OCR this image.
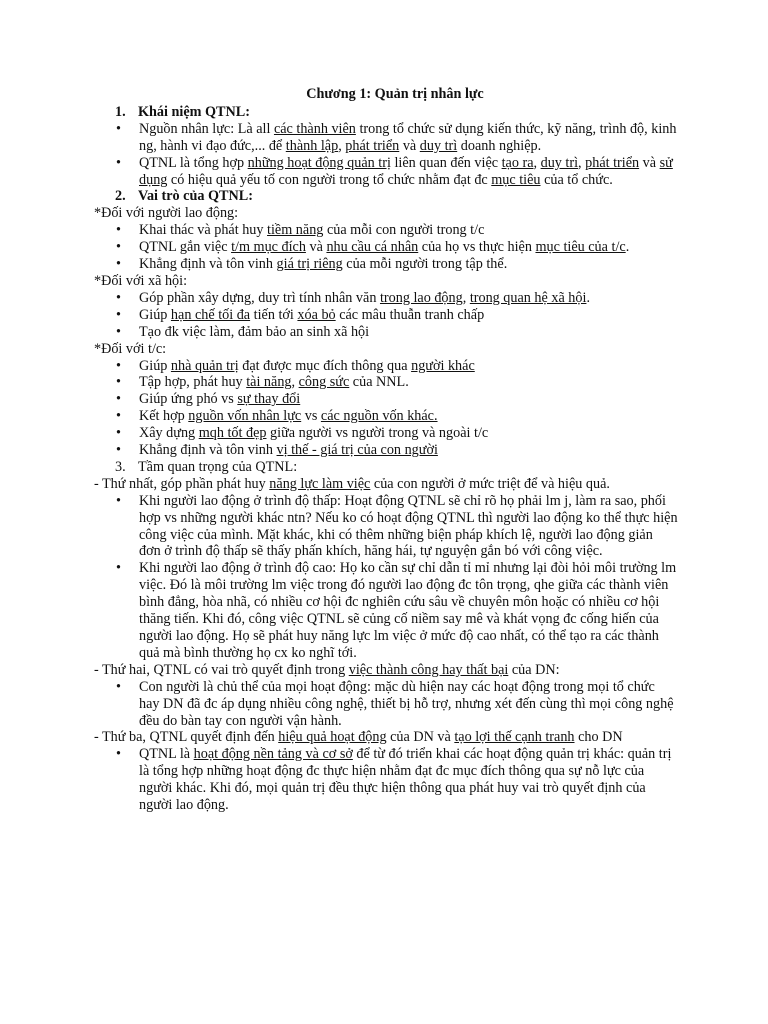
Chương 1: Quản trị nhân lực
1. Khái niệm QTNL:
• Nguồn nhân lực: Là all các thành viên trong tổ chức sử dụng kiến thức, kỹ năng, trình độ, kinh ng, hành vi đạo đức,... để thành lập, phát triển và duy trì doanh nghiệp.
• QTNL là tổng hợp những hoạt động quản trị liên quan đến việc tạo ra, duy trì, phát triển và sử dụng có hiệu quả yếu tố con người trong tổ chức nhằm đạt đc mục tiêu của tổ chức.
2. Vai trò của QTNL:
*Đối với người lao động:
• Khai thác và phát huy tiềm năng của mỗi con người trong t/c
• QTNL gắn việc t/m mục đích và nhu cầu cá nhân của họ vs thực hiện mục tiêu của t/c.
• Khẳng định và tôn vinh giá trị riêng của mỗi người trong tập thể.
*Đối với xã hội:
• Góp phần xây dựng, duy trì tính nhân văn trong lao động, trong quan hệ xã hội.
• Giúp hạn chế tối đa tiến tới xóa bỏ các mâu thuẫn tranh chấp
• Tạo đk việc làm, đảm bảo an sinh xã hội
*Đối với t/c:
• Giúp nhà quản trị đạt được mục đích thông qua người khác
• Tập hợp, phát huy tài năng, công sức của NNL.
• Giúp ứng phó vs sự thay đổi
• Kết hợp nguồn vốn nhân lực vs các nguồn vốn khác.
• Xây dựng mqh tốt đẹp giữa người vs người trong và ngoài t/c
• Khẳng định và tôn vinh vị thế - giá trị của con người
3. Tầm quan trọng của QTNL:
- Thứ nhất, góp phần phát huy năng lực làm việc của con người ở mức triệt để và hiệu quả.
• Khi người lao động ở trình độ thấp: Hoạt động QTNL sẽ chỉ rõ họ phải lm j, làm ra sao, phối hợp vs những người khác ntn? Nếu ko có hoạt động QTNL thì người lao động ko thể thực hiện công việc của mình. Mặt khác, khi có thêm những biện pháp khích lệ, người lao động giản đơn ở trình độ thấp sẽ thấy phấn khích, hăng hái, tự nguyện gắn bó với công việc.
• Khi người lao động ở trình độ cao: Họ ko cần sự chỉ dẫn tỉ mỉ nhưng lại đòi hỏi môi trường lm việc. Đó là môi trường lm việc trong đó người lao động đc tôn trọng, qhe giữa các thành viên bình đẳng, hòa nhã, có nhiều cơ hội đc nghiên cứu sâu về chuyên môn hoặc có nhiều cơ hội thăng tiến. Khi đó, công việc QTNL sẽ củng cố niềm say mê và khát vọng đc cống hiến của người lao động. Họ sẽ phát huy năng lực lm việc ở mức độ cao nhất, có thể tạo ra các thành quả mà bình thường họ cx ko nghĩ tới.
- Thứ hai, QTNL có vai trò quyết định trong việc thành công hay thất bại của DN:
• Con người là chủ thể của mọi hoạt động: mặc dù hiện nay các hoạt động trong mọi tổ chức hay DN đã đc áp dụng nhiều công nghệ, thiết bị hỗ trợ, nhưng xét đến cùng thì mọi công nghệ đều do bàn tay con người vận hành.
- Thứ ba, QTNL quyết định đến hiệu quả hoạt động của DN và tạo lợi thế cạnh tranh cho DN
• QTNL là hoạt động nền tảng và cơ sở để từ đó triển khai các hoạt động quản trị khác: quản trị là tổng hợp những hoạt động đc thực hiện nhằm đạt đc mục đích thông qua sự nỗ lực của người khác. Khi đó, mọi quản trị đều thực hiện thông qua phát huy vai trò quyết định của người lao động.
